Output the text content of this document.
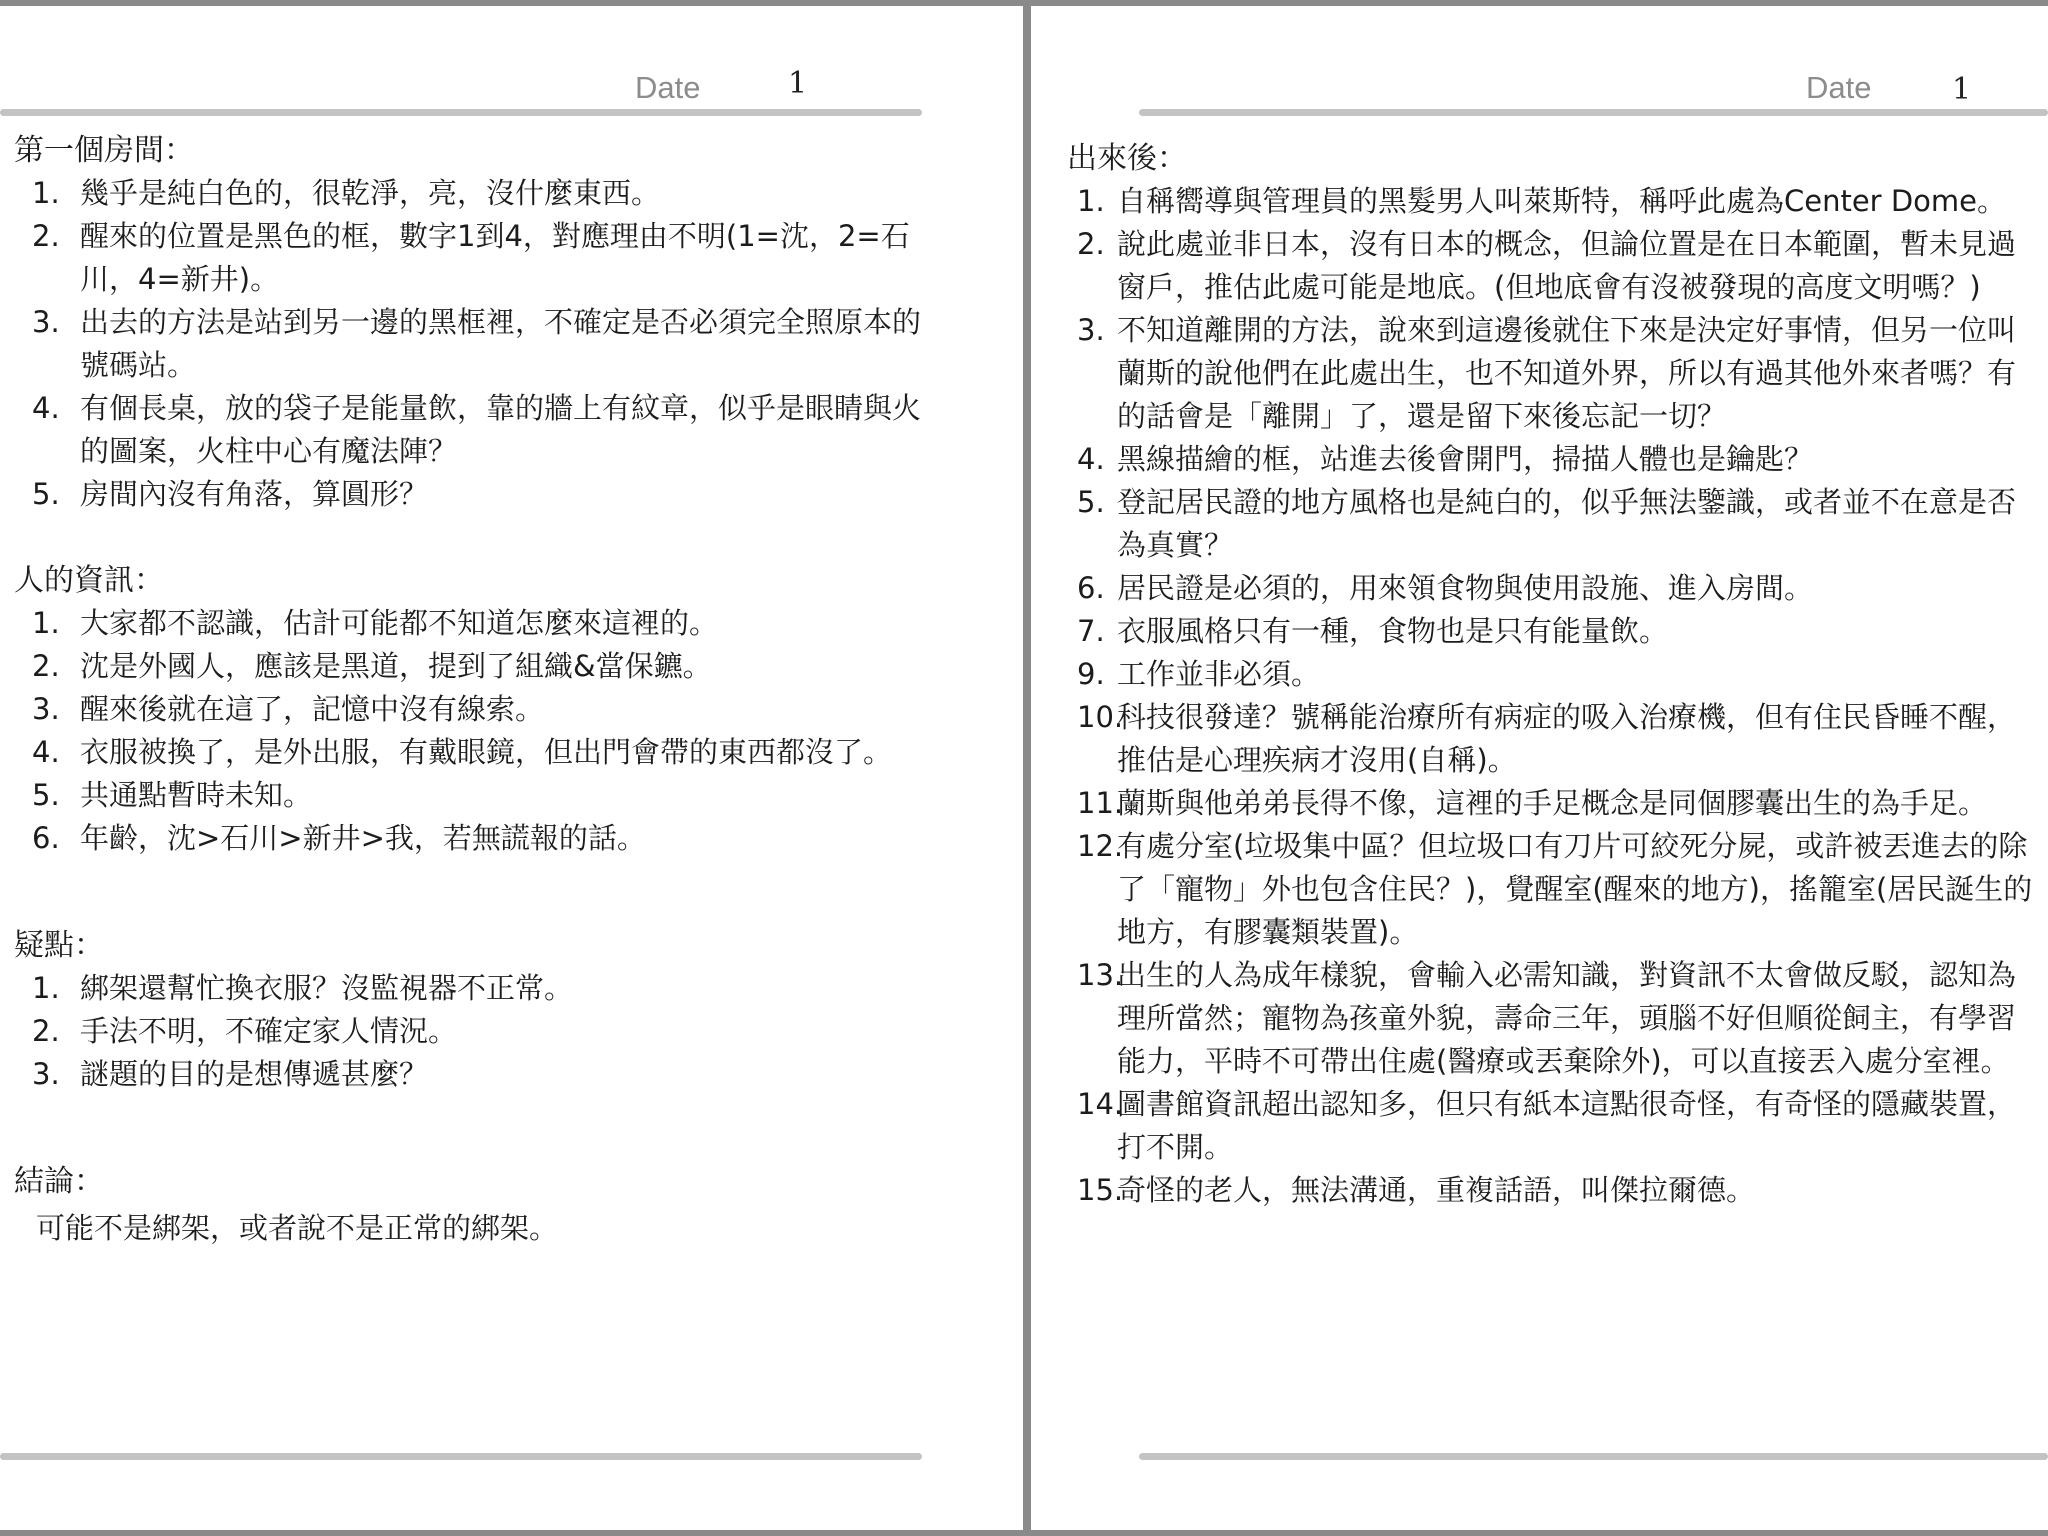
Date	1
第一個房間：
1. 幾乎是純白色的，很乾淨，亮，沒什麼東西。
2. 醒來的位置是黑色的框，數字1到4，對應理由不明(1=沈，2=石川，4=新井)。
3. 出去的方法是站到另一邊的黑框裡，不確定是否必須完全照原本的號碼站。
4. 有個長桌，放的袋子是能量飲，靠的牆上有紋章，似乎是眼睛與火的圖案，火柱中心有魔法陣？
5. 房間內沒有角落，算圓形？
人的資訊：
1. 大家都不認識，估計可能都不知道怎麼來這裡的。
2. 沈是外國人，應該是黑道，提到了組織&當保鑣。
3. 醒來後就在這了，記憶中沒有線索。
4. 衣服被換了，是外出服，有戴眼鏡，但出門會帶的東西都沒了。
5. 共通點暫時未知。
6. 年齡，沈>石川>新井>我，若無謊報的話。
疑點：
1. 綁架還幫忙換衣服？沒監視器不正常。
2. 手法不明，不確定家人情況。
3. 謎題的目的是想傳遞甚麼？
結論：
可能不是綁架，或者說不是正常的綁架。
Date	1
出來後：
1. 自稱嚮導與管理員的黑髮男人叫萊斯特，稱呼此處為Center Dome。
2. 說此處並非日本，沒有日本的概念，但論位置是在日本範圍，暫未見過窗戶，推估此處可能是地底。(但地底會有沒被發現的高度文明嗎？)
3. 不知道離開的方法，說來到這邊後就住下來是決定好事情，但另一位叫蘭斯的說他們在此處出生，也不知道外界，所以有過其他外來者嗎？有的話會是「離開」了，還是留下來後忘記一切？
4. 黑線描繪的框，站進去後會開門，掃描人體也是鑰匙？
5. 登記居民證的地方風格也是純白的，似乎無法鑒識，或者並不在意是否為真實？
6. 居民證是必須的，用來領食物與使用設施、進入房間。
7. 衣服風格只有一種，食物也是只有能量飲。
9. 工作並非必須。
10.
科技很發達？號稱能治療所有病症的吸入治療機，但有住民昏睡不醒，推估是心理疾病才沒用(自稱)。
11.
蘭斯與他弟弟長得不像，這裡的手足概念是同個膠囊出生的為手足。
12.
有處分室(垃圾集中區？但垃圾口有刀片可絞死分屍，或許被丟進去的除了「寵物」外也包含住民？)，覺醒室(醒來的地方)，搖籠室(居民誕生的地方，有膠囊類裝置)。
13.
出生的人為成年樣貌，會輸入必需知識，對資訊不太會做反駁，認知為理所當然；寵物為孩童外貌，壽命三年，頭腦不好但順從飼主，有學習能力，平時不可帶出住處(醫療或丟棄除外)，可以直接丟入處分室裡。
14.
圖書館資訊超出認知多，但只有紙本這點很奇怪，有奇怪的隱藏裝置，打不開。
15.
奇怪的老人，無法溝通，重複話語，叫傑拉爾德。
